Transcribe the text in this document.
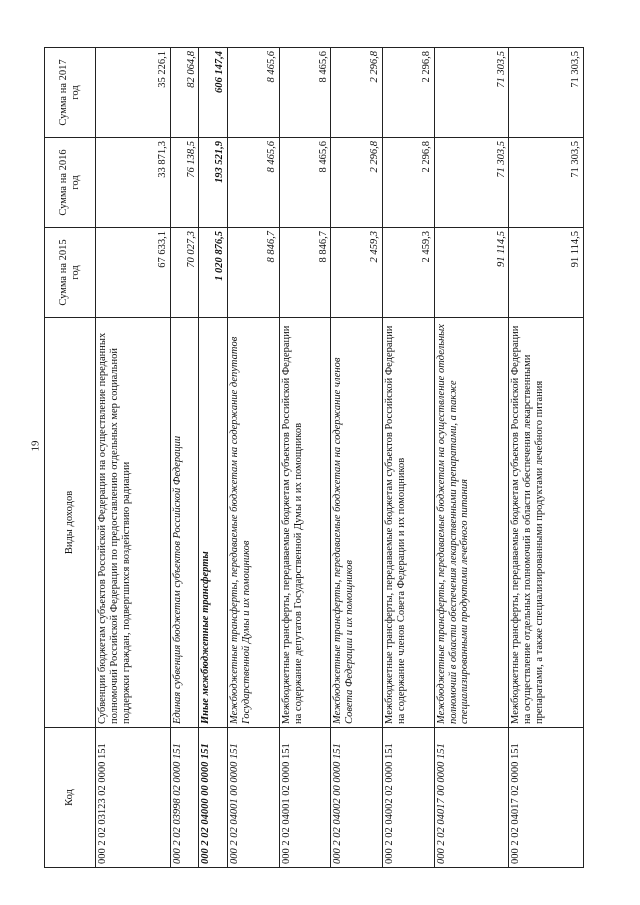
19
Код	Виды доходов	Сумма на 2015 год	Сумма на 2016 год	Сумма на 2017 год
000 2 02 03123 02 0000 151	Субвенции бюджетам субъектов Российской Федерации на осуществление переданных полномочий Российской Федерации по предоставлению отдельных мер социальной поддержки граждан, подвергшихся воздействию радиации	67 633,1	33 871,3	35 226,1
000 2 02 03998 02 0000 151	Единая субвенция бюджетам субъектов Российской Федерации	70 027,3	76 138,5	82 064,8
000 2 02 04000 00 0000 151	Иные межбюджетные трансферты	1 020 876,5	193 521,9	606 147,4
000 2 02 04001 00 0000 151	Межбюджетные трансферты, передаваемые бюджетам на содержание депутатов Государственной Думы и их помощников	8 846,7	8 465,6	8 465,6
000 2 02 04001 02 0000 151	Межбюджетные трансферты, передаваемые бюджетам субъектов Российской Федерации на содержание депутатов Государственной Думы и их помощников	8 846,7	8 465,6	8 465,6
000 2 02 04002 00 0000 151	Межбюджетные трансферты, передаваемые бюджетам на содержание членов Совета Федерации и их помощников	2 459,3	2 296,8	2 296,8
000 2 02 04002 02 0000 151	Межбюджетные трансферты, передаваемые бюджетам субъектов Российской Федерации на содержание членов Совета Федерации и их помощников	2 459,3	2 296,8	2 296,8
000 2 02 04017 00 0000 151	Межбюджетные трансферты, передаваемые бюджетам на осуществление отдельных полномочий в области обеспечения лекарственными препаратами, а также специализированными продуктами лечебного питания	91 114,5	71 303,5	71 303,5
000 2 02 04017 02 0000 151	Межбюджетные трансферты, передаваемые бюджетам субъектов Российской Федерации на осуществление отдельных полномочий в области обеспечения лекарственными препаратами, а также специализированными продуктами лечебного питания	91 114,5	71 303,5	71 303,5
